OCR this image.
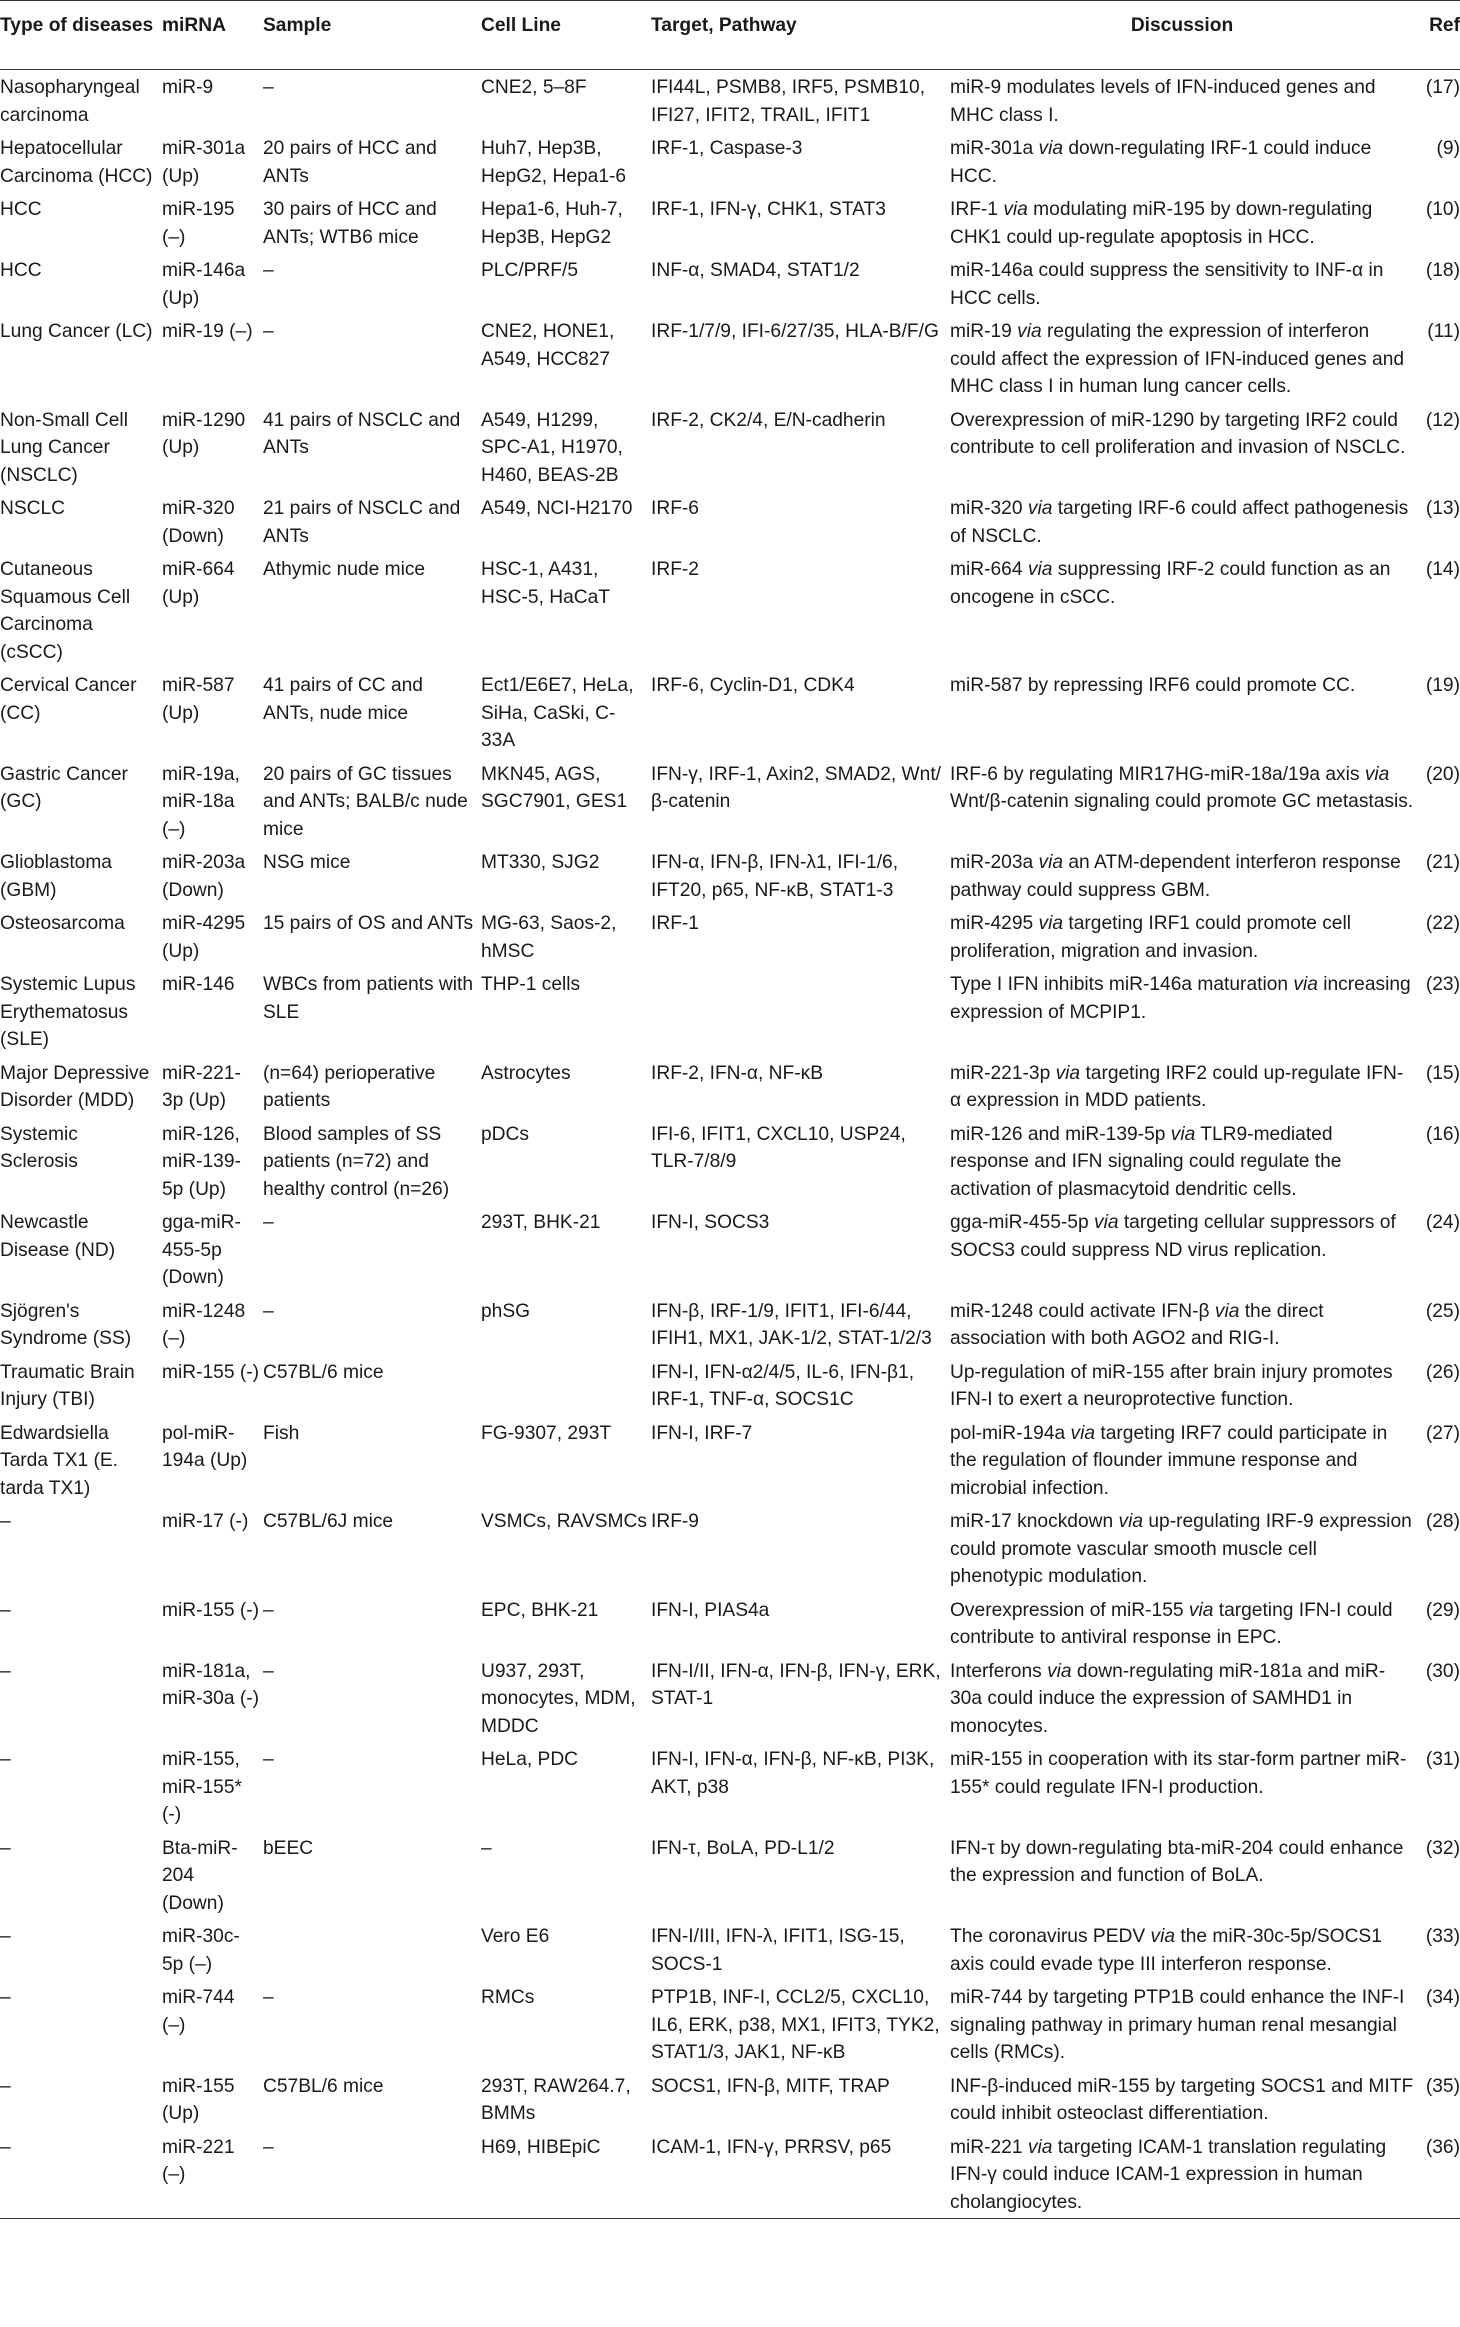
Type of diseases	miRNA	Sample	Cell Line	Target, Pathway	Discussion	Ref
Nasopharyngeal carcinoma	miR-9	–	CNE2, 5–8F	IFI44L, PSMB8, IRF5, PSMB10, IFI27, IFIT2, TRAIL, IFIT1	miR-9 modulates levels of IFN-induced genes and MHC class I.	(17)
Hepatocellular Carcinoma (HCC)	miR-301a (Up)	20 pairs of HCC and ANTs	Huh7, Hep3B, HepG2, Hepa1-6	IRF-1, Caspase-3	miR-301a via down-regulating IRF-1 could induce HCC.	(9)
HCC	miR-195 (–)	30 pairs of HCC and ANTs; WTB6 mice	Hepa1-6, Huh-7, Hep3B, HepG2	IRF-1, IFN-γ, CHK1, STAT3	IRF-1 via modulating miR-195 by down-regulating CHK1 could up-regulate apoptosis in HCC.	(10)
HCC	miR-146a (Up)	–	PLC/PRF/5	INF-α, SMAD4, STAT1/2	miR-146a could suppress the sensitivity to INF-α in HCC cells.	(18)
Lung Cancer (LC)	miR-19 (–)	–	CNE2, HONE1, A549, HCC827	IRF-1/7/9, IFI-6/27/35, HLA-B/F/G	miR-19 via regulating the expression of interferon could affect the expression of IFN-induced genes and MHC class I in human lung cancer cells.	(11)
Non-Small Cell Lung Cancer (NSCLC)	miR-1290 (Up)	41 pairs of NSCLC and ANTs	A549, H1299, SPC-A1, H1970, H460, BEAS-2B	IRF-2, CK2/4, E/N-cadherin	Overexpression of miR-1290 by targeting IRF2 could contribute to cell proliferation and invasion of NSCLC.	(12)
NSCLC	miR-320 (Down)	21 pairs of NSCLC and ANTs	A549, NCI-H2170	IRF-6	miR-320 via targeting IRF-6 could affect pathogenesis of NSCLC.	(13)
Cutaneous Squamous Cell Carcinoma (cSCC)	miR-664 (Up)	Athymic nude mice	HSC-1, A431, HSC-5, HaCaT	IRF-2	miR-664 via suppressing IRF-2 could function as an oncogene in cSCC.	(14)
Cervical Cancer (CC)	miR-587 (Up)	41 pairs of CC and ANTs, nude mice	Ect1/E6E7, HeLa, SiHa, CaSki, C-33A	IRF-6, Cyclin-D1, CDK4	miR-587 by repressing IRF6 could promote CC.	(19)
Gastric Cancer (GC)	miR-19a, miR-18a (–)	20 pairs of GC tissues and ANTs; BALB/c nude mice	MKN45, AGS, SGC7901, GES1	IFN-γ, IRF-1, Axin2, SMAD2, Wnt/β-catenin	IRF-6 by regulating MIR17HG-miR-18a/19a axis via Wnt/β-catenin signaling could promote GC metastasis.	(20)
Glioblastoma (GBM)	miR-203a (Down)	NSG mice	MT330, SJG2	IFN-α, IFN-β, IFN-λ1, IFI-1/6, IFT20, p65, NF-κB, STAT1-3	miR-203a via an ATM-dependent interferon response pathway could suppress GBM.	(21)
Osteosarcoma	miR-4295 (Up)	15 pairs of OS and ANTs	MG-63, Saos-2, hMSC	IRF-1	miR-4295 via targeting IRF1 could promote cell proliferation, migration and invasion.	(22)
Systemic Lupus Erythematosus (SLE)	miR-146	WBCs from patients with SLE	THP-1 cells		Type I IFN inhibits miR-146a maturation via increasing expression of MCPIP1.	(23)
Major Depressive Disorder (MDD)	miR-221-3p (Up)	(n=64) perioperative patients	Astrocytes	IRF-2, IFN-α, NF-κB	miR-221-3p via targeting IRF2 could up-regulate IFN-α expression in MDD patients.	(15)
Systemic Sclerosis	miR-126, miR-139-5p (Up)	Blood samples of SS patients (n=72) and healthy control (n=26)	pDCs	IFI-6, IFIT1, CXCL10, USP24, TLR-7/8/9	miR-126 and miR-139-5p via TLR9-mediated response and IFN signaling could regulate the activation of plasmacytoid dendritic cells.	(16)
Newcastle Disease (ND)	gga-miR-455-5p (Down)	–	293T, BHK-21	IFN-I, SOCS3	gga-miR-455-5p via targeting cellular suppressors of SOCS3 could suppress ND virus replication.	(24)
Sjögren's Syndrome (SS)	miR-1248 (–)	–	phSG	IFN-β, IRF-1/9, IFIT1, IFI-6/44, IFIH1, MX1, JAK-1/2, STAT-1/2/3	miR-1248 could activate IFN-β via the direct association with both AGO2 and RIG-I.	(25)
Traumatic Brain Injury (TBI)	miR-155 (-)	C57BL/6 mice		IFN-I, IFN-α2/4/5, IL-6, IFN-β1, IRF-1, TNF-α, SOCS1C	Up-regulation of miR-155 after brain injury promotes IFN-I to exert a neuroprotective function.	(26)
Edwardsiella Tarda TX1 (E. tarda TX1)	pol-miR-194a (Up)	Fish	FG-9307, 293T	IFN-I, IRF-7	pol-miR-194a via targeting IRF7 could participate in the regulation of flounder immune response and microbial infection.	(27)
–	miR-17 (-)	C57BL/6J mice	VSMCs, RAVSMCs	IRF-9	miR-17 knockdown via up-regulating IRF-9 expression could promote vascular smooth muscle cell phenotypic modulation.	(28)
–	miR-155 (-)	–	EPC, BHK-21	IFN-I, PIAS4a	Overexpression of miR-155 via targeting IFN-I could contribute to antiviral response in EPC.	(29)
–	miR-181a, miR-30a (-)	–	U937, 293T, monocytes, MDM, MDDC	IFN-I/II, IFN-α, IFN-β, IFN-γ, ERK, STAT-1	Interferons via down-regulating miR-181a and miR-30a could induce the expression of SAMHD1 in monocytes.	(30)
–	miR-155, miR-155* (-)	–	HeLa, PDC	IFN-I, IFN-α, IFN-β, NF-κB, PI3K, AKT, p38	miR-155 in cooperation with its star-form partner miR-155* could regulate IFN-I production.	(31)
–	Bta-miR-204 (Down)	bEEC	–	IFN-τ, BoLA, PD-L1/2	IFN-τ by down-regulating bta-miR-204 could enhance the expression and function of BoLA.	(32)
–	miR-30c-5p (–)		Vero E6	IFN-I/III, IFN-λ, IFIT1, ISG-15, SOCS-1	The coronavirus PEDV via the miR-30c-5p/SOCS1 axis could evade type III interferon response.	(33)
–	miR-744 (–)	–	RMCs	PTP1B, INF-I, CCL2/5, CXCL10, IL6, ERK, p38, MX1, IFIT3, TYK2, STAT1/3, JAK1, NF-κB	miR-744 by targeting PTP1B could enhance the INF-I signaling pathway in primary human renal mesangial cells (RMCs).	(34)
–	miR-155 (Up)	C57BL/6 mice	293T, RAW264.7, BMMs	SOCS1, IFN-β, MITF, TRAP	INF-β-induced miR-155 by targeting SOCS1 and MITF could inhibit osteoclast differentiation.	(35)
–	miR-221 (–)	–	H69, HIBEpiC	ICAM-1, IFN-γ, PRRSV, p65	miR-221 via targeting ICAM-1 translation regulating IFN-γ could induce ICAM-1 expression in human cholangiocytes.	(36)
